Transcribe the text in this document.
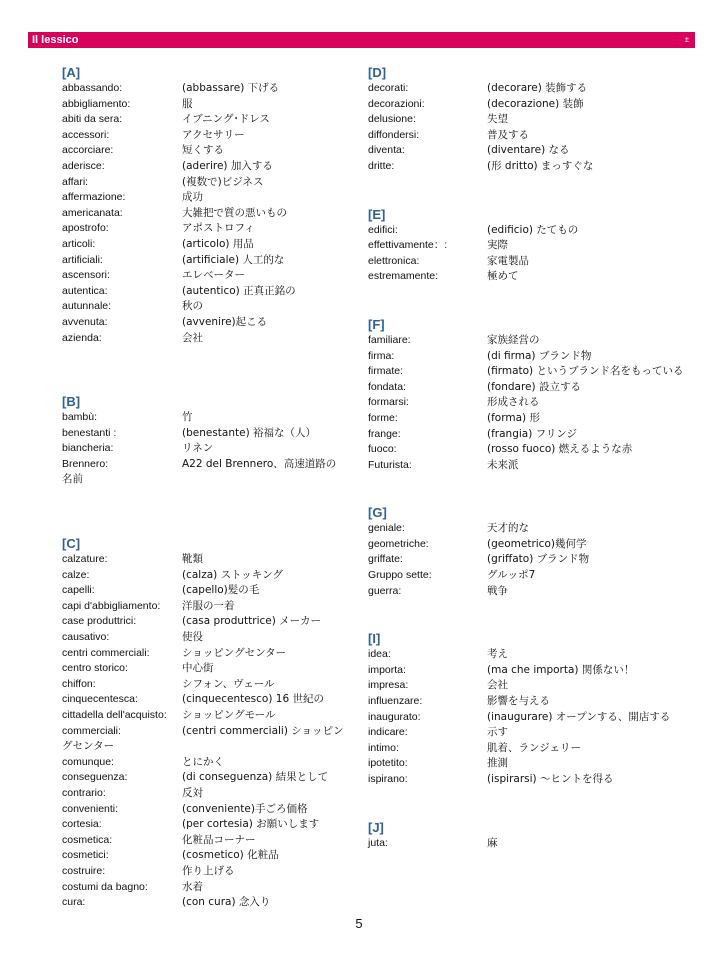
Il lessico	±
[A]
abbassando:	(abbassare) 下げる
abbigliamento:	服
abiti da sera:	イブニング･ドレス
accessori:	アクセサリー
accorciare:	短くする
aderisce:	(aderire) 加入する
affari:	(複数で)ビジネス
affermazione:	成功
americanata:	大雑把で質の悪いもの
apostrofo:	アポストロフィ
articoli:	(articolo) 用品
artificiali:	(artificiale) 人工的な
ascensori:	エレベーター
autentica:	(autentico) 正真正銘の
autunnale:	秋の
avvenuta:	(avvenire)起こる
azienda:	会社
[B]
bambù:	竹
benestanti :	(benestante) 裕福な（人）
biancheria:	リネン
Brennero:	A22 del Brennero、高速道路の
名前
[C]
calzature:	靴類
calze:	(calza) ストッキング
capelli:	(capello)髪の毛
capi d'abbigliamento: 洋服の一着
case produttrici:	(casa produttrice) メーカー
causativo:	使役
centri commerciali:	ショッピングセンター
centro storico:	中心街
chiffon:	シフォン、ヴェール
cinquecentesca:	(cinquecentesco) 16 世紀の
cittadella dell'acquisto: ショッピングモール
commerciali:	(centri commerciali) ショッピン
グセンター
comunque:	とにかく
conseguenza:	(di conseguenza) 結果として
contrario:	反対
convenienti:	(conveniente)手ごろ価格
cortesia:	(per cortesia) お願いします
cosmetica:	化粧品コーナー
cosmetici:	(cosmetico) 化粧品
costruire:	作り上げる
costumi da bagno:	水着
cura:	(con cura) 念入り
[D]
decorati:	(decorare) 装飾する
decorazioni:	(decorazione) 装飾
delusione:	失望
diffondersi:	普及する
diventa:	(diventare) なる
dritte:	(形 dritto) まっすぐな
[E]
edifici:	(edificio) たてもの
effettivamente：:	実際
elettronica:	家電製品
estremamente:	極めて
[F]
familiare:	家族経営の
firma:	(di firma) ブランド物
firmate:	(firmato) というブランド名をもっている
fondata:	(fondare) 設立する
formarsi:	形成される
forme:	(forma) 形
frange:	(frangia) フリンジ
fuoco:	(rosso fuoco) 燃えるような赤
Futurista:	未来派
[G]
geniale:	天才的な
geometriche:	(geometrico)幾何学
griffate:	(griffato) ブランド物
Gruppo sette:	グルッポ7
guerra:	戦争
[I]
idea:	考え
importa:	(ma che importa) 関係ない！
impresa:	会社
influenzare:	影響を与える
inaugurato:	(inaugurare) オープンする、開店する
indicare:	示す
intimo:	肌着、ランジェリー
ipotetito:	推測
ispirano:	(ispirarsi) ～ヒントを得る
[J]
juta:	麻
5
